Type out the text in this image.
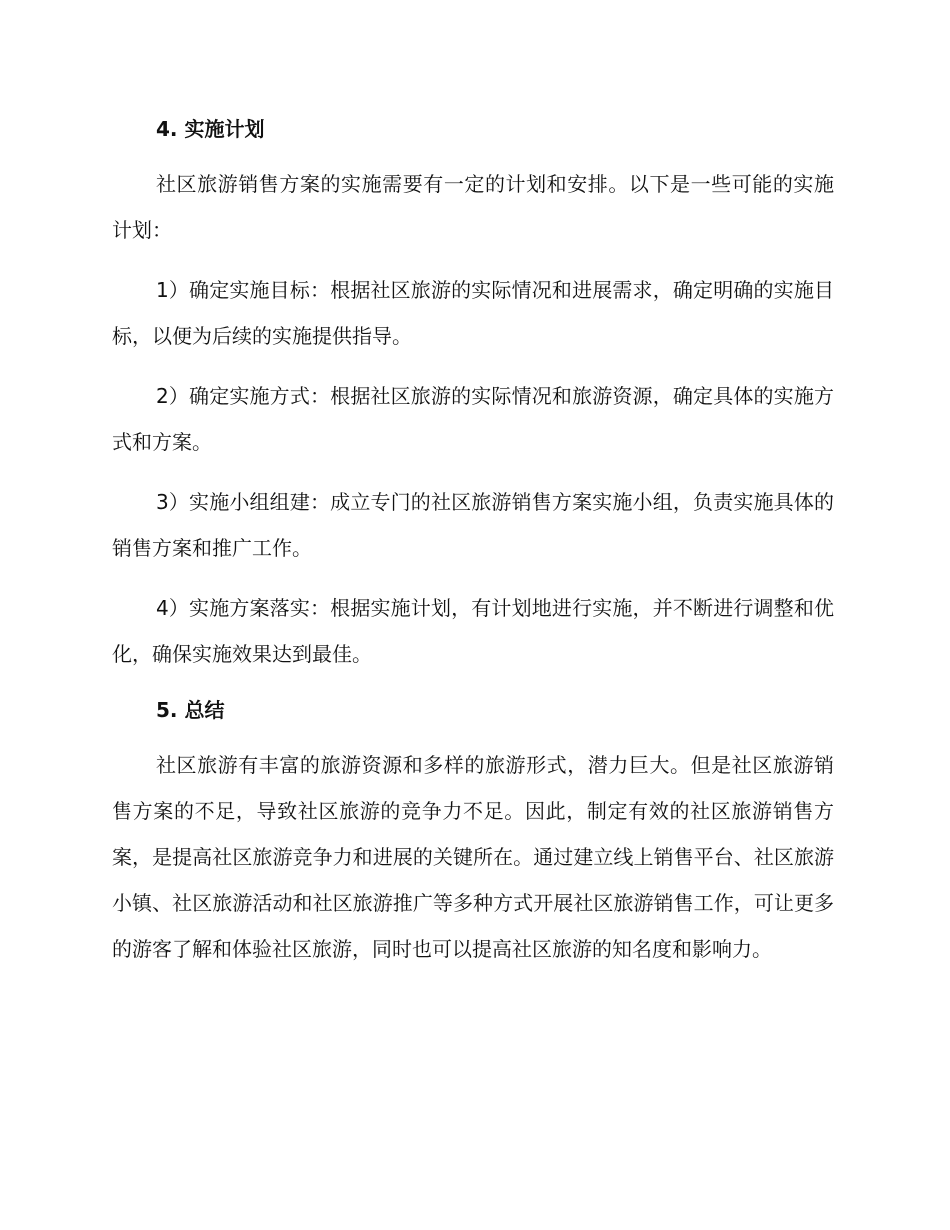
4. 实施计划

社区旅游销售方案的实施需要有一定的计划和安排。以下是一些可能的实施计划：

1）确定实施目标：根据社区旅游的实际情况和进展需求，确定明确的实施目标，以便为后续的实施提供指导。

2）确定实施方式：根据社区旅游的实际情况和旅游资源，确定具体的实施方式和方案。

3）实施小组组建：成立专门的社区旅游销售方案实施小组，负责实施具体的销售方案和推广工作。

4）实施方案落实：根据实施计划，有计划地进行实施，并不断进行调整和优化，确保实施效果达到最佳。

5. 总结

社区旅游有丰富的旅游资源和多样的旅游形式，潜力巨大。但是社区旅游销售方案的不足，导致社区旅游的竞争力不足。因此，制定有效的社区旅游销售方案，是提高社区旅游竞争力和进展的关键所在。通过建立线上销售平台、社区旅游小镇、社区旅游活动和社区旅游推广等多种方式开展社区旅游销售工作，可让更多的游客了解和体验社区旅游，同时也可以提高社区旅游的知名度和影响力。
